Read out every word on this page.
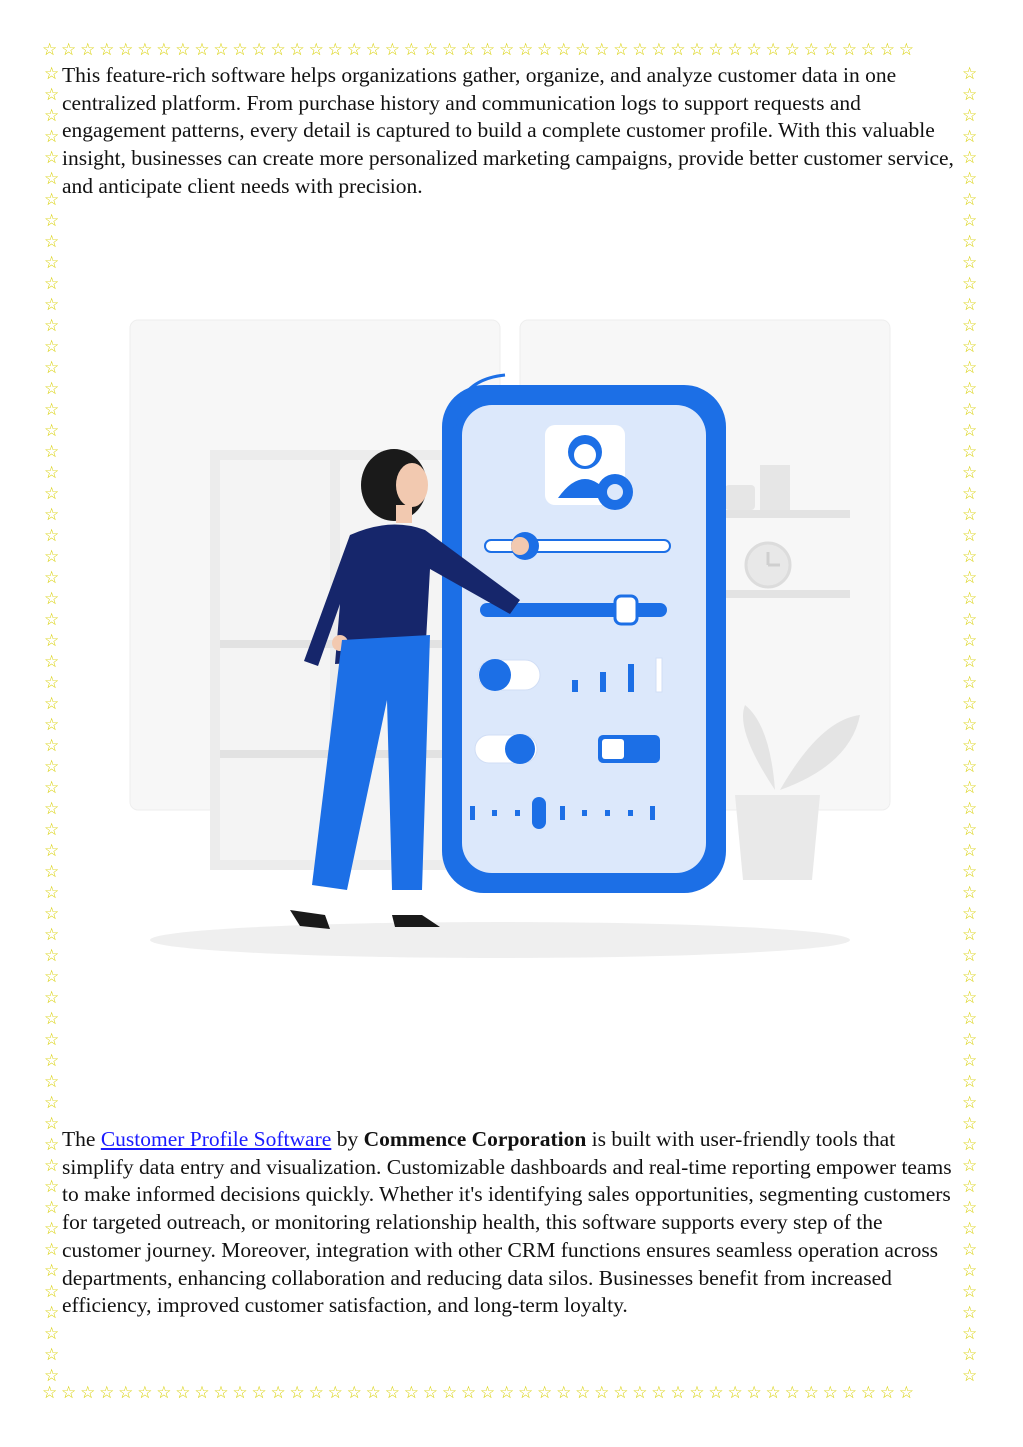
☆☆☆☆☆☆☆☆☆☆☆☆☆☆☆☆☆☆☆☆☆☆☆☆☆☆☆☆☆☆☆☆☆☆☆☆☆☆☆☆☆☆☆☆☆☆
☆☆☆☆☆☆☆☆☆☆☆☆☆☆☆☆☆☆☆☆☆☆☆☆☆☆☆☆☆☆☆☆☆☆☆☆☆☆☆☆☆☆☆☆☆☆
☆☆☆☆☆☆☆☆☆☆☆☆☆☆☆☆☆☆☆☆☆☆☆☆☆☆☆☆☆☆☆☆☆☆☆☆☆☆☆☆☆☆☆☆☆☆☆☆☆☆☆☆☆☆☆☆☆☆☆☆☆☆☆
☆☆☆☆☆☆☆☆☆☆☆☆☆☆☆☆☆☆☆☆☆☆☆☆☆☆☆☆☆☆☆☆☆☆☆☆☆☆☆☆☆☆☆☆☆☆☆☆☆☆☆☆☆☆☆☆☆☆☆☆☆☆☆

This feature-rich software helps organizations gather, organize, and analyze customer data in one centralized platform. From purchase history and communication logs to support requests and engagement patterns, every detail is captured to build a complete customer profile. With this valuable insight, businesses can create more personalized marketing campaigns, provide better customer service, and anticipate client needs with precision.

The Customer Profile Software by Commence Corporation is built with user-friendly tools that simplify data entry and visualization. Customizable dashboards and real-time reporting empower teams to make informed decisions quickly. Whether it's identifying sales opportunities, segmenting customers for targeted outreach, or monitoring relationship health, this software supports every step of the customer journey. Moreover, integration with other CRM functions ensures seamless operation across departments, enhancing collaboration and reducing data silos. Businesses benefit from increased efficiency, improved customer satisfaction, and long-term loyalty.
